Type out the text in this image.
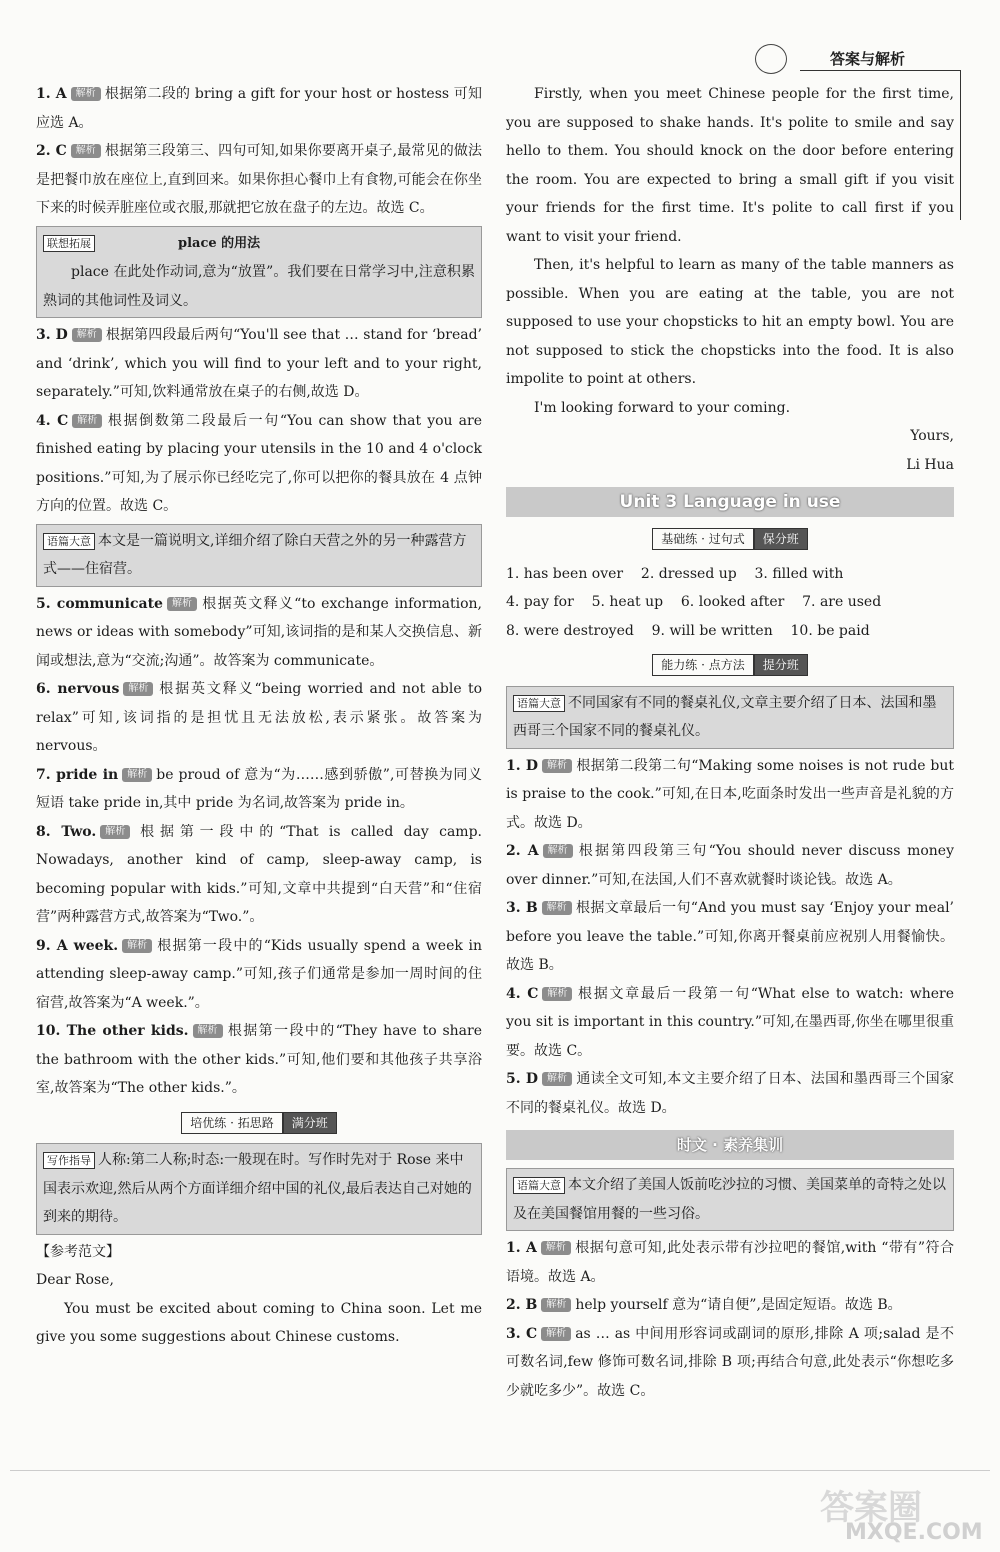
答案与解析

1. A 解析 根据第二段的 bring a gift for your host or hostess 可知应选 A。

2. C 解析 根据第三段第三、四句可知,如果你要离开桌子,最常见的做法是把餐巾放在座位上,直到回来。如果你担心餐巾上有食物,可能会在你坐下来的时候弄脏座位或衣服,那就把它放在盘子的左边。故选 C。

联想拓展	place 的用法

place 在此处作动词,意为“放置”。我们要在日常学习中,注意积累熟词的其他词性及词义。

3. D 解析 根据第四段最后两句“You'll see that … stand for ‘bread’ and ‘drink’, which you will find to your left and to your right, separately.”可知,饮料通常放在桌子的右侧,故选 D。

4. C 解析 根据倒数第二段最后一句“You can show that you are finished eating by placing your utensils in the 10 and 4 o'clock positions.”可知,为了展示你已经吃完了,你可以把你的餐具放在 4 点钟方向的位置。故选 C。

语篇大意 本文是一篇说明文,详细介绍了除白天营之外的另一种露营方式——住宿营。

5. communicate 解析 根据英文释义“to exchange information, news or ideas with somebody”可知,该词指的是和某人交换信息、新闻或想法,意为“交流;沟通”。故答案为 communicate。

6. nervous 解析 根据英文释义“being worried and not able to relax”可知,该词指的是担忧且无法放松,表示紧张。故答案为 nervous。

7. pride in 解析 be proud of 意为“为……感到骄傲”,可替换为同义短语 take pride in,其中 pride 为名词,故答案为 pride in。

8. Two. 解析 根据第一段中的“That is called day camp. Nowadays, another kind of camp, sleep-away camp, is becoming popular with kids.”可知,文章中共提到“白天营”和“住宿营”两种露营方式,故答案为“Two.”。

9. A week. 解析 根据第一段中的“Kids usually spend a week in attending sleep-away camp.”可知,孩子们通常是参加一周时间的住宿营,故答案为“A week.”。

10. The other kids. 解析 根据第一段中的“They have to share the bathroom with the other kids.”可知,他们要和其他孩子共享浴室,故答案为“The other kids.”。

培优练 · 拓思路 满分班
写作指导 人称:第二人称;时态:一般现在时。写作时先对于 Rose 来中国表示欢迎,然后从两个方面详细介绍中国的礼仪,最后表达自己对她的到来的期待。

【参考范文】

Dear Rose,

You must be excited about coming to China soon. Let me give you some suggestions about Chinese customs.

Firstly, when you meet Chinese people for the first time, you are supposed to shake hands. It's polite to smile and say hello to them. You should knock on the door before entering the room. You are expected to bring a small gift if you visit your friends for the first time. It's polite to call first if you want to visit your friend.

Then, it's helpful to learn as many of the table manners as possible. When you are eating at the table, you are not supposed to use your chopsticks to hit an empty bowl. You are not supposed to stick the chopsticks into the food. It is also impolite to point at others.

I'm looking forward to your coming.

Yours,

Li Hua

Unit 3 Language in use
基础练 · 过句式 保分班

1. has been over    2. dressed up    3. filled with

4. pay for    5. heat up    6. looked after    7. are used

8. were destroyed    9. will be written    10. be paid

能力练 · 点方法 提分班
语篇大意 不同国家有不同的餐桌礼仪,文章主要介绍了日本、法国和墨西哥三个国家不同的餐桌礼仪。

1. D 解析 根据第二段第二句“Making some noises is not rude but is praise to the cook.”可知,在日本,吃面条时发出一些声音是礼貌的方式。故选 D。

2. A 解析 根据第四段第三句“You should never discuss money over dinner.”可知,在法国,人们不喜欢就餐时谈论钱。故选 A。

3. B 解析 根据文章最后一句“And you must say ‘Enjoy your meal’ before you leave the table.”可知,你离开餐桌前应祝别人用餐愉快。故选 B。

4. C 解析 根据文章最后一段第一句“What else to watch: where you sit is important in this country.”可知,在墨西哥,你坐在哪里很重要。故选 C。

5. D 解析 通读全文可知,本文主要介绍了日本、法国和墨西哥三个国家不同的餐桌礼仪。故选 D。

时文 · 素养集训
语篇大意 本文介绍了美国人饭前吃沙拉的习惯、美国菜单的奇特之处以及在美国餐馆用餐的一些习俗。

1. A 解析 根据句意可知,此处表示带有沙拉吧的餐馆,with “带有”符合语境。故选 A。

2. B 解析 help yourself 意为“请自便”,是固定短语。故选 B。

3. C 解析 as … as 中间用形容词或副词的原形,排除 A 项;salad 是不可数名词,few 修饰可数名词,排除 B 项;再结合句意,此处表示“你想吃多少就吃多少”。故选 C。

答案圈
MXQE.COM
